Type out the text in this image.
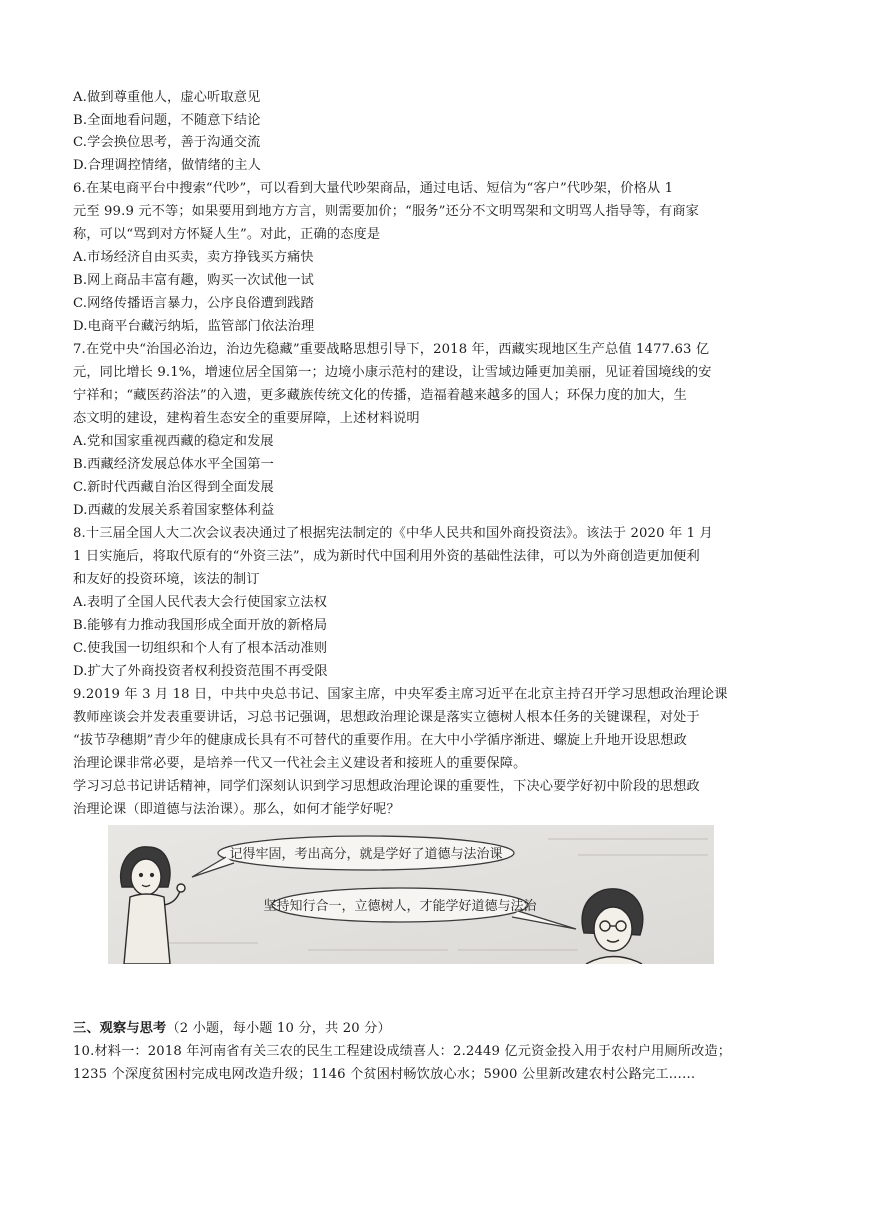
A.做到尊重他人，虚心听取意见
B.全面地看问题，不随意下结论
C.学会换位思考，善于沟通交流
D.合理调控情绪，做情绪的主人
6.在某电商平台中搜索“代吵”，可以看到大量代吵架商品，通过电话、短信为“客户”代吵架，价格从 1
元至 99.9 元不等；如果要用到地方方言，则需要加价；“服务”还分不文明骂架和文明骂人指导等，有商家
称，可以“骂到对方怀疑人生”。对此，正确的态度是
A.市场经济自由买卖，卖方挣钱买方痛快
B.网上商品丰富有趣，购买一次试他一试
C.网络传播语言暴力，公序良俗遭到践踏
D.电商平台藏污纳垢，监管部门依法治理
7.在党中央“治国必治边，治边先稳藏”重要战略思想引导下，2018 年，西藏实现地区生产总值 1477.63 亿
元，同比增长 9.1%，增速位居全国第一；边境小康示范村的建设，让雪域边陲更加美丽，见证着国境线的安
宁祥和；“藏医药浴法”的入遗，更多藏族传统文化的传播，造福着越来越多的国人；环保力度的加大，生
态文明的建设，建构着生态安全的重要屏障，上述材料说明
A.党和国家重视西藏的稳定和发展
B.西藏经济发展总体水平全国第一
C.新时代西藏自治区得到全面发展
D.西藏的发展关系着国家整体利益
8.十三届全国人大二次会议表决通过了根据宪法制定的《中华人民共和国外商投资法》。该法于 2020 年 1 月
1 日实施后，将取代原有的“外资三法”，成为新时代中国利用外资的基础性法律，可以为外商创造更加便利
和友好的投资环境，该法的制订
A.表明了全国人民代表大会行使国家立法权
B.能够有力推动我国形成全面开放的新格局
C.使我国一切组织和个人有了根本活动准则
D.扩大了外商投资者权利投资范围不再受限
9.2019 年 3 月 18 日，中共中央总书记、国家主席，中央军委主席习近平在北京主持召开学习思想政治理论课
教师座谈会并发表重要讲话，习总书记强调，思想政治理论课是落实立德树人根本任务的关键课程，对处于
“拔节孕穗期”青少年的健康成长具有不可替代的重要作用。在大中小学循序渐进、螺旋上升地开设思想政
治理论课非常必要，是培养一代又一代社会主义建设者和接班人的重要保障。
学习习总书记讲话精神，同学们深刻认识到学习思想政治理论课的重要性，下决心要学好初中阶段的思想政
治理论课（即道德与法治课）。那么，如何才能学好呢？
记得牢固，考出高分，就是学好了道德与法治课
坚持知行合一，立德树人，才能学好道德与法治
三、观察与思考（2 小题，每小题 10 分，共 20 分）
10.材料一：2018 年河南省有关三农的民生工程建设成绩喜人：2.2449 亿元资金投入用于农村户用厕所改造；
1235 个深度贫困村完成电网改造升级；1146 个贫困村畅饮放心水；5900 公里新改建农村公路完工……
